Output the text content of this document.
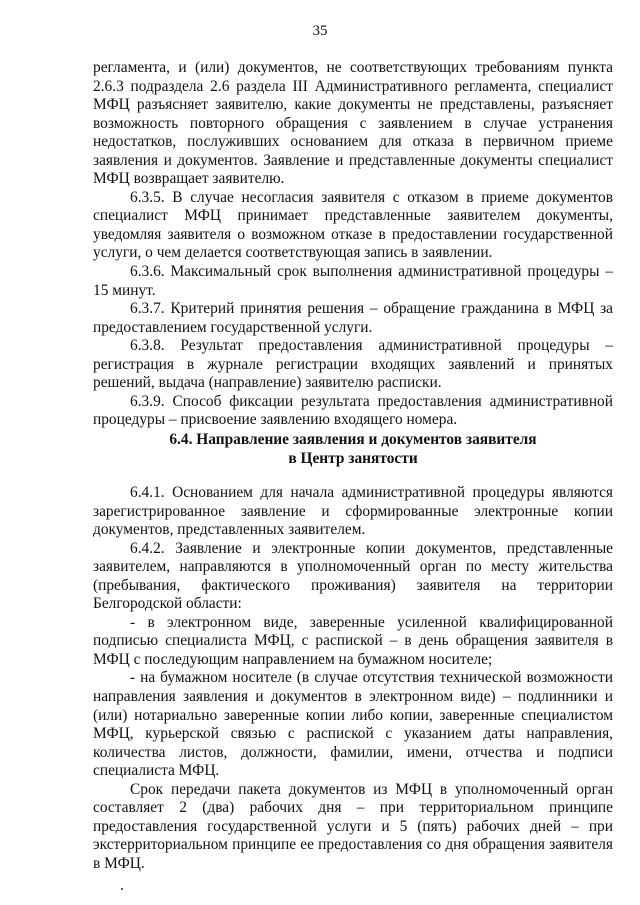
35

регламента, и (или) документов, не соответствующих требованиям пункта 2.6.3 подраздела 2.6 раздела III Административного регламента, специалист МФЦ разъясняет заявителю, какие документы не представлены, разъясняет возможность повторного обращения с заявлением в случае устранения недостатков, послуживших основанием для отказа в первичном приеме заявления и документов. Заявление и представленные документы специалист МФЦ возвращает заявителю.

6.3.5. В случае несогласия заявителя с отказом в приеме документов специалист МФЦ принимает представленные заявителем документы, уведомляя заявителя о возможном отказе в предоставлении государственной услуги, о чем делается соответствующая запись в заявлении.

6.3.6. Максимальный срок выполнения административной процедуры – 15 минут.

6.3.7. Критерий принятия решения – обращение гражданина в МФЦ за предоставлением государственной услуги.

6.3.8. Результат предоставления административной процедуры – регистрация в журнале регистрации входящих заявлений и принятых решений, выдача (направление) заявителю расписки.

6.3.9. Способ фиксации результата предоставления административной процедуры – присвоение заявлению входящего номера.

6.4. Направление заявления и документов заявителя
в Центр занятости

6.4.1. Основанием для начала административной процедуры являются зарегистрированное заявление и сформированные электронные копии документов, представленных заявителем.

6.4.2. Заявление и электронные копии документов, представленные заявителем, направляются в уполномоченный орган по месту жительства (пребывания, фактического проживания) заявителя на территории Белгородской области:

- в электронном виде, заверенные усиленной квалифицированной подписью специалиста МФЦ, с распиской – в день обращения заявителя в МФЦ с последующим направлением на бумажном носителе;

- на бумажном носителе (в случае отсутствия технической возможности направления заявления и документов в электронном виде) – подлинники и (или) нотариально заверенные копии либо копии, заверенные специалистом МФЦ, курьерской связью с распиской с указанием даты направления, количества листов, должности, фамилии, имени, отчества и подписи специалиста МФЦ.

Срок передачи пакета документов из МФЦ в уполномоченный орган составляет 2 (два) рабочих дня – при территориальном принципе предоставления государственной услуги и 5 (пять) рабочих дней – при экстерриториальном принципе ее предоставления со дня обращения заявителя в МФЦ.
